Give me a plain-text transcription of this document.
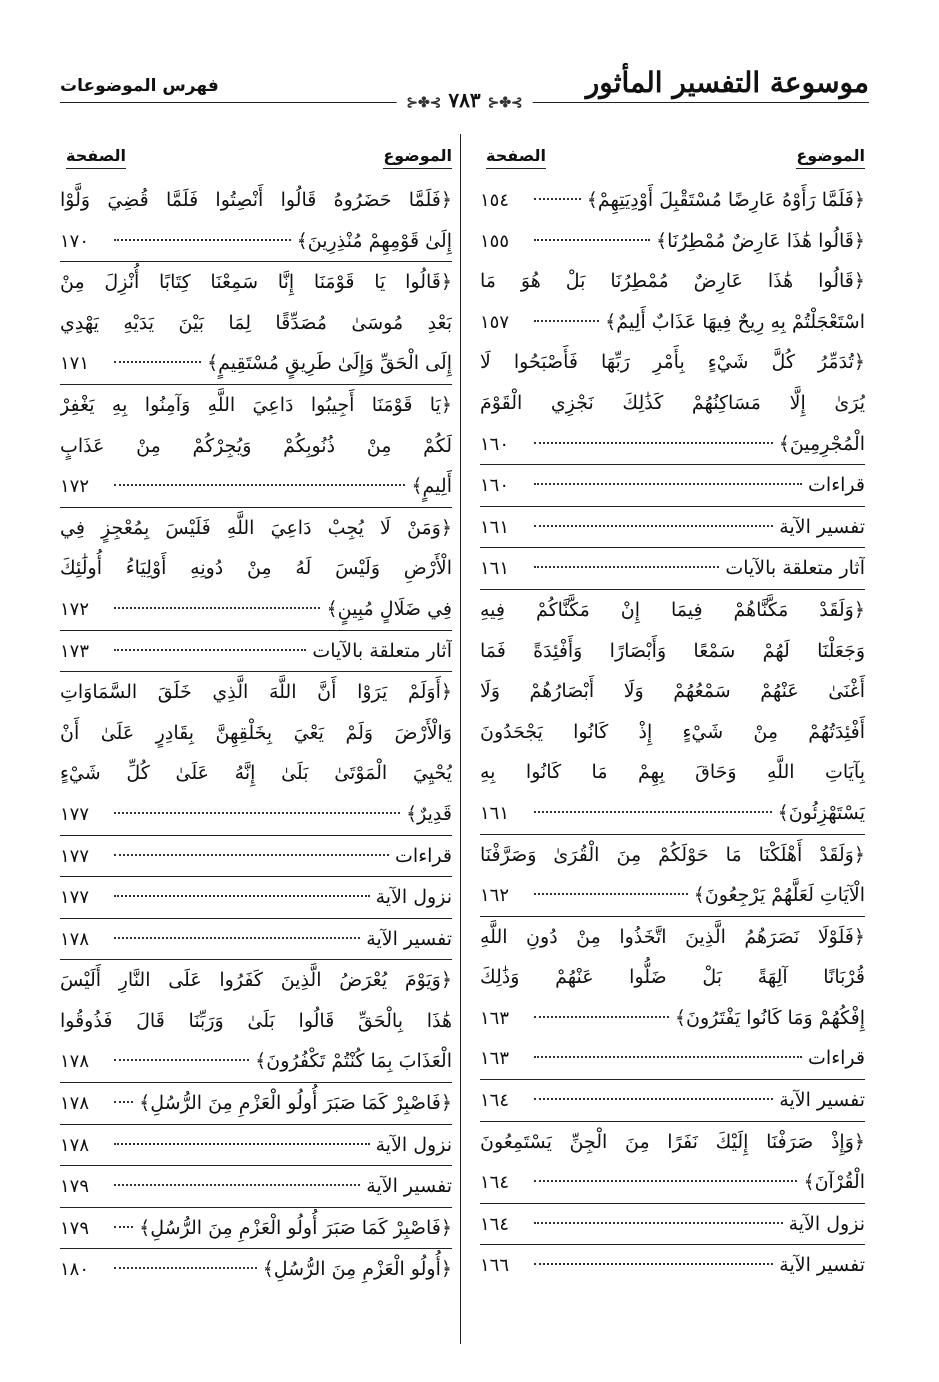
موسوعة التفسير المأثور
⊱✤⊰ ٧٨٣ ⊱✤⊰
فهرس الموضوعات
الموضوع
الصفحة
﴿فَلَمَّا رَأَوْهُ عَارِضًا مُسْتَقْبِلَ أَوْدِيَتِهِمْ﴾
١٥٤
﴿قَالُوا هَٰذَا عَارِضٌ مُمْطِرُنَا﴾
١٥٥
﴿قَالُوا هَٰذَا عَارِضٌ مُمْطِرُنَا بَلْ هُوَ مَا
اسْتَعْجَلْتُمْ بِهِ رِيحٌ فِيهَا عَذَابٌ أَلِيمٌ﴾
١٥٧
﴿تُدَمِّرُ كُلَّ شَيْءٍ بِأَمْرِ رَبِّهَا فَأَصْبَحُوا لَا
يُرَىٰ إِلَّا مَسَاكِنُهُمْ كَذَٰلِكَ نَجْزِي الْقَوْمَ
الْمُجْرِمِينَ﴾
١٦٠
قراءات
١٦٠
تفسير الآية
١٦١
آثار متعلقة بالآيات
١٦١
﴿وَلَقَدْ مَكَّنَّاهُمْ فِيمَا إِنْ مَكَّنَّاكُمْ فِيهِ
وَجَعَلْنَا لَهُمْ سَمْعًا وَأَبْصَارًا وَأَفْئِدَةً فَمَا
أَغْنَىٰ عَنْهُمْ سَمْعُهُمْ وَلَا أَبْصَارُهُمْ وَلَا
أَفْئِدَتُهُمْ مِنْ شَيْءٍ إِذْ كَانُوا يَجْحَدُونَ
بِآيَاتِ اللَّهِ وَحَاقَ بِهِمْ مَا كَانُوا بِهِ
يَسْتَهْزِئُونَ﴾
١٦١
﴿وَلَقَدْ أَهْلَكْنَا مَا حَوْلَكُمْ مِنَ الْقُرَىٰ وَصَرَّفْنَا
الْآيَاتِ لَعَلَّهُمْ يَرْجِعُونَ﴾
١٦٢
﴿فَلَوْلَا نَصَرَهُمُ الَّذِينَ اتَّخَذُوا مِنْ دُونِ اللَّهِ
قُرْبَانًا آلِهَةً بَلْ ضَلُّوا عَنْهُمْ وَذَٰلِكَ
إِفْكُهُمْ وَمَا كَانُوا يَفْتَرُونَ﴾
١٦٣
قراءات
١٦٣
تفسير الآية
١٦٤
﴿وَإِذْ صَرَفْنَا إِلَيْكَ نَفَرًا مِنَ الْجِنِّ يَسْتَمِعُونَ
الْقُرْآنَ﴾
١٦٤
نزول الآية
١٦٤
تفسير الآية
١٦٦
الموضوع
الصفحة
﴿فَلَمَّا حَضَرُوهُ قَالُوا أَنْصِتُوا فَلَمَّا قُضِيَ وَلَّوْا
إِلَىٰ قَوْمِهِمْ مُنْذِرِينَ﴾
١٧٠
﴿قَالُوا يَا قَوْمَنَا إِنَّا سَمِعْنَا كِتَابًا أُنْزِلَ مِنْ
بَعْدِ مُوسَىٰ مُصَدِّقًا لِمَا بَيْنَ يَدَيْهِ يَهْدِي
إِلَى الْحَقِّ وَإِلَىٰ طَرِيقٍ مُسْتَقِيمٍ﴾
١٧١
﴿يَا قَوْمَنَا أَجِيبُوا دَاعِيَ اللَّهِ وَآمِنُوا بِهِ يَغْفِرْ
لَكُمْ مِنْ ذُنُوبِكُمْ وَيُجِرْكُمْ مِنْ عَذَابٍ
أَلِيمٍ﴾
١٧٢
﴿وَمَنْ لَا يُجِبْ دَاعِيَ اللَّهِ فَلَيْسَ بِمُعْجِزٍ فِي
الْأَرْضِ وَلَيْسَ لَهُ مِنْ دُونِهِ أَوْلِيَاءُ أُولَٰئِكَ
فِي ضَلَالٍ مُبِينٍ﴾
١٧٢
آثار متعلقة بالآيات
١٧٣
﴿أَوَلَمْ يَرَوْا أَنَّ اللَّهَ الَّذِي خَلَقَ السَّمَاوَاتِ
وَالْأَرْضَ وَلَمْ يَعْيَ بِخَلْقِهِنَّ بِقَادِرٍ عَلَىٰ أَنْ
يُحْيِيَ الْمَوْتَىٰ بَلَىٰ إِنَّهُ عَلَىٰ كُلِّ شَيْءٍ
قَدِيرٌ﴾
١٧٧
قراءات
١٧٧
نزول الآية
١٧٧
تفسير الآية
١٧٨
﴿وَيَوْمَ يُعْرَضُ الَّذِينَ كَفَرُوا عَلَى النَّارِ أَلَيْسَ
هَٰذَا بِالْحَقِّ قَالُوا بَلَىٰ وَرَبِّنَا قَالَ فَذُوقُوا
الْعَذَابَ بِمَا كُنْتُمْ تَكْفُرُونَ﴾
١٧٨
﴿فَاصْبِرْ كَمَا صَبَرَ أُولُو الْعَزْمِ مِنَ الرُّسُلِ﴾
١٧٨
نزول الآية
١٧٨
تفسير الآية
١٧٩
﴿فَاصْبِرْ كَمَا صَبَرَ أُولُو الْعَزْمِ مِنَ الرُّسُلِ﴾
١٧٩
﴿أُولُو الْعَزْمِ مِنَ الرُّسُلِ﴾
١٨٠
